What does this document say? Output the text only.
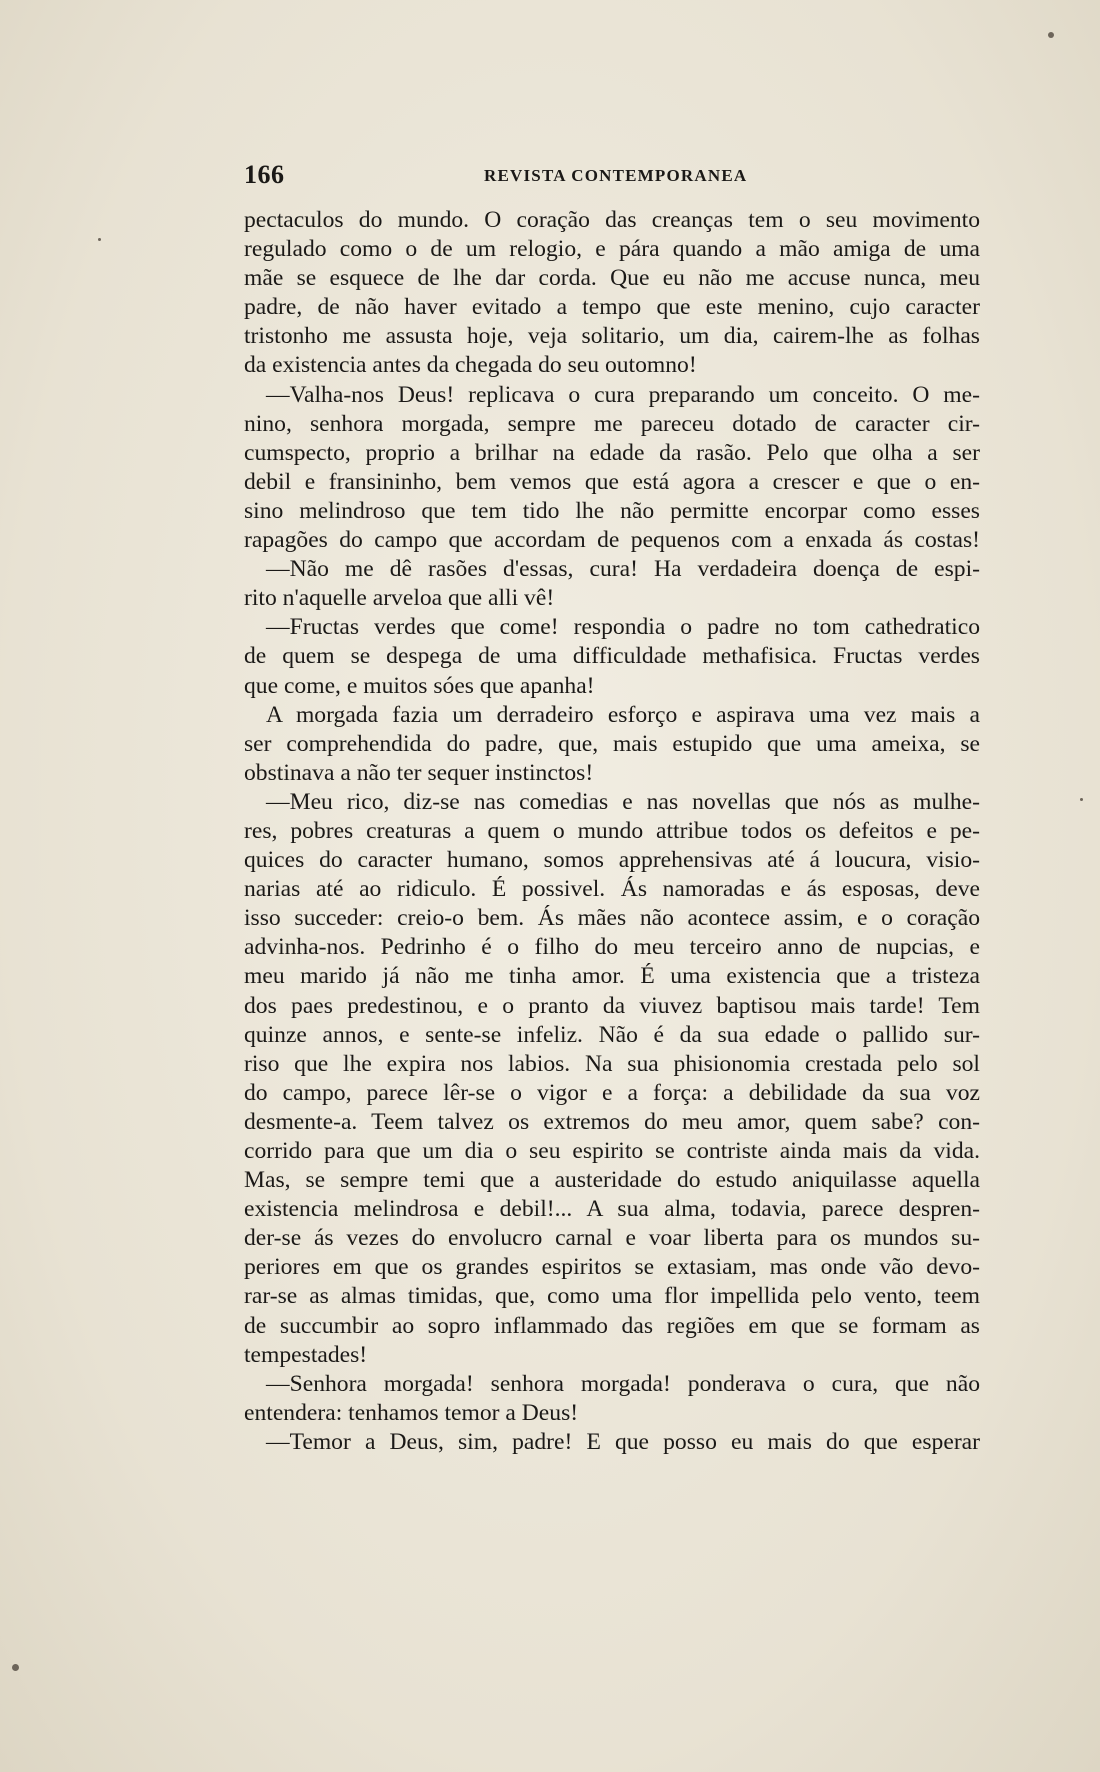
166	REVISTA CONTEMPORANEA
pectaculos do mundo. O coração das creanças tem o seu movimento
regulado como o de um relogio, e pára quando a mão amiga de uma
mãe se esquece de lhe dar corda. Que eu não me accuse nunca, meu
padre, de não haver evitado a tempo que este menino, cujo caracter
tristonho me assusta hoje, veja solitario, um dia, cairem-lhe as folhas
da existencia antes da chegada do seu outomno!
—Valha-nos Deus! replicava o cura preparando um conceito. O me-
nino, senhora morgada, sempre me pareceu dotado de caracter cir-
cumspecto, proprio a brilhar na edade da rasão. Pelo que olha a ser
debil e fransininho, bem vemos que está agora a crescer e que o en-
sino melindroso que tem tido lhe não permitte encorpar como esses
rapagões do campo que accordam de pequenos com a enxada ás costas!
—Não me dê rasões d'essas, cura! Ha verdadeira doença de espi-
rito n'aquelle arveloa que alli vê!
—Fructas verdes que come! respondia o padre no tom cathedratico
de quem se despega de uma difficuldade methafisica. Fructas verdes
que come, e muitos sóes que apanha!
A morgada fazia um derradeiro esforço e aspirava uma vez mais a
ser comprehendida do padre, que, mais estupido que uma ameixa, se
obstinava a não ter sequer instinctos!
—Meu rico, diz-se nas comedias e nas novellas que nós as mulhe-
res, pobres creaturas a quem o mundo attribue todos os defeitos e pe-
quices do caracter humano, somos apprehensivas até á loucura, visio-
narias até ao ridiculo. É possivel. Ás namoradas e ás esposas, deve
isso succeder: creio-o bem. Ás mães não acontece assim, e o coração
advinha-nos. Pedrinho é o filho do meu terceiro anno de nupcias, e
meu marido já não me tinha amor. É uma existencia que a tristeza
dos paes predestinou, e o pranto da viuvez baptisou mais tarde! Tem
quinze annos, e sente-se infeliz. Não é da sua edade o pallido sur-
riso que lhe expira nos labios. Na sua phisionomia crestada pelo sol
do campo, parece lêr-se o vigor e a força: a debilidade da sua voz
desmente-a. Teem talvez os extremos do meu amor, quem sabe? con-
corrido para que um dia o seu espirito se contriste ainda mais da vida.
Mas, se sempre temi que a austeridade do estudo aniquilasse aquella
existencia melindrosa e debil!... A sua alma, todavia, parece despren-
der-se ás vezes do envolucro carnal e voar liberta para os mundos su-
periores em que os grandes espiritos se extasiam, mas onde vão devo-
rar-se as almas timidas, que, como uma flor impellida pelo vento, teem
de succumbir ao sopro inflammado das regiões em que se formam as
tempestades!
—Senhora morgada! senhora morgada! ponderava o cura, que não
entendera: tenhamos temor a Deus!
—Temor a Deus, sim, padre! E que posso eu mais do que esperar
